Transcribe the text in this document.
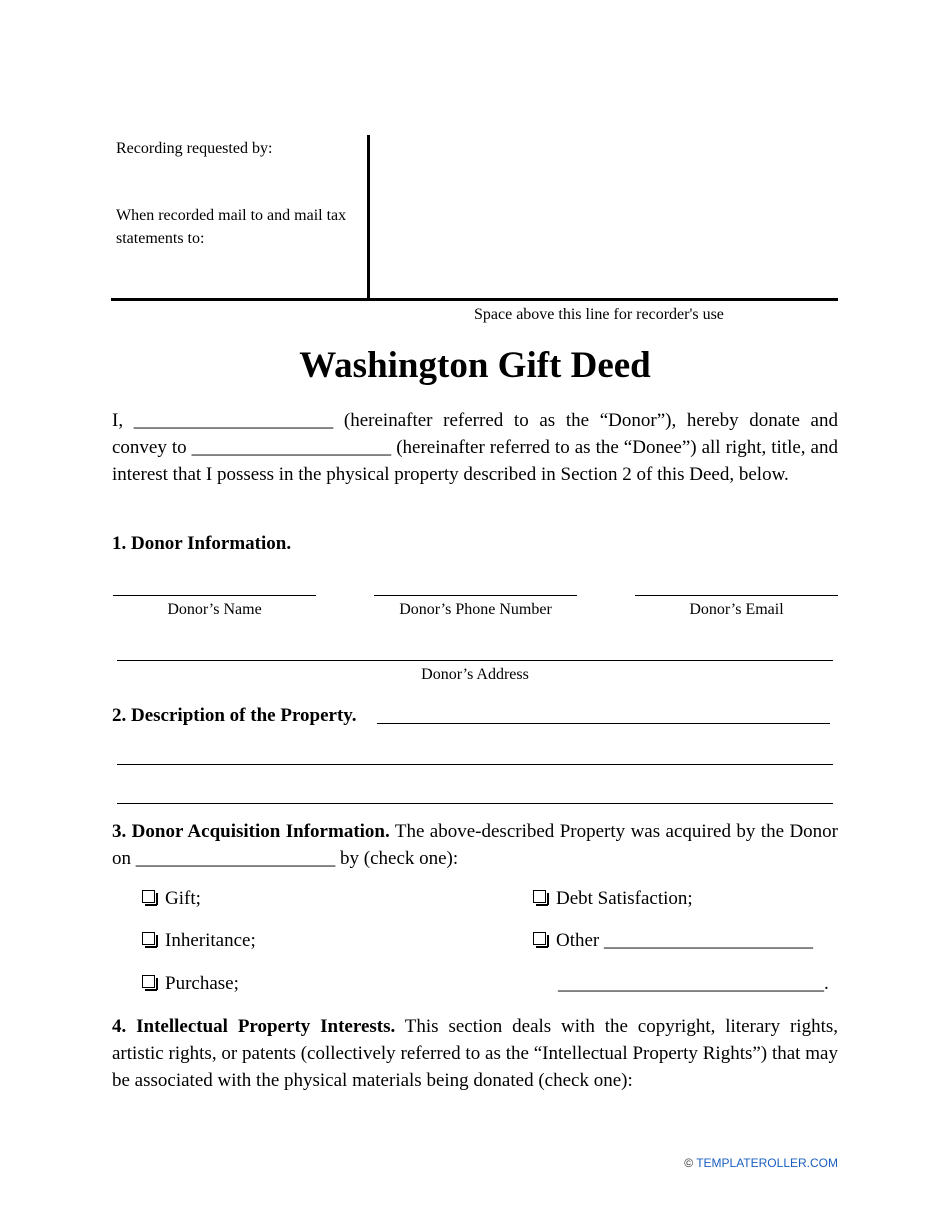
Recording requested by:
When recorded mail to and mail tax statements to:
Space above this line for recorder's use
Washington Gift Deed
I, _____________________ (hereinafter referred to as the “Donor”), hereby donate and convey to _____________________ (hereinafter referred to as the “Donee”) all right, title, and interest that I possess in the physical property described in Section 2 of this Deed, below.
1. Donor Information.
Donor’s Name	Donor’s Phone Number	Donor’s Email
Donor’s Address
2. Description of the Property.
3. Donor Acquisition Information. The above-described Property was acquired by the Donor on _____________________ by (check one):
Gift;
Inheritance;
Purchase;
Debt Satisfaction;
Other ______________________
____________________________.
4. Intellectual Property Interests. This section deals with the copyright, literary rights, artistic rights, or patents (collectively referred to as the “Intellectual Property Rights”) that may be associated with the physical materials being donated (check one):
© TEMPLATEROLLER.COM
